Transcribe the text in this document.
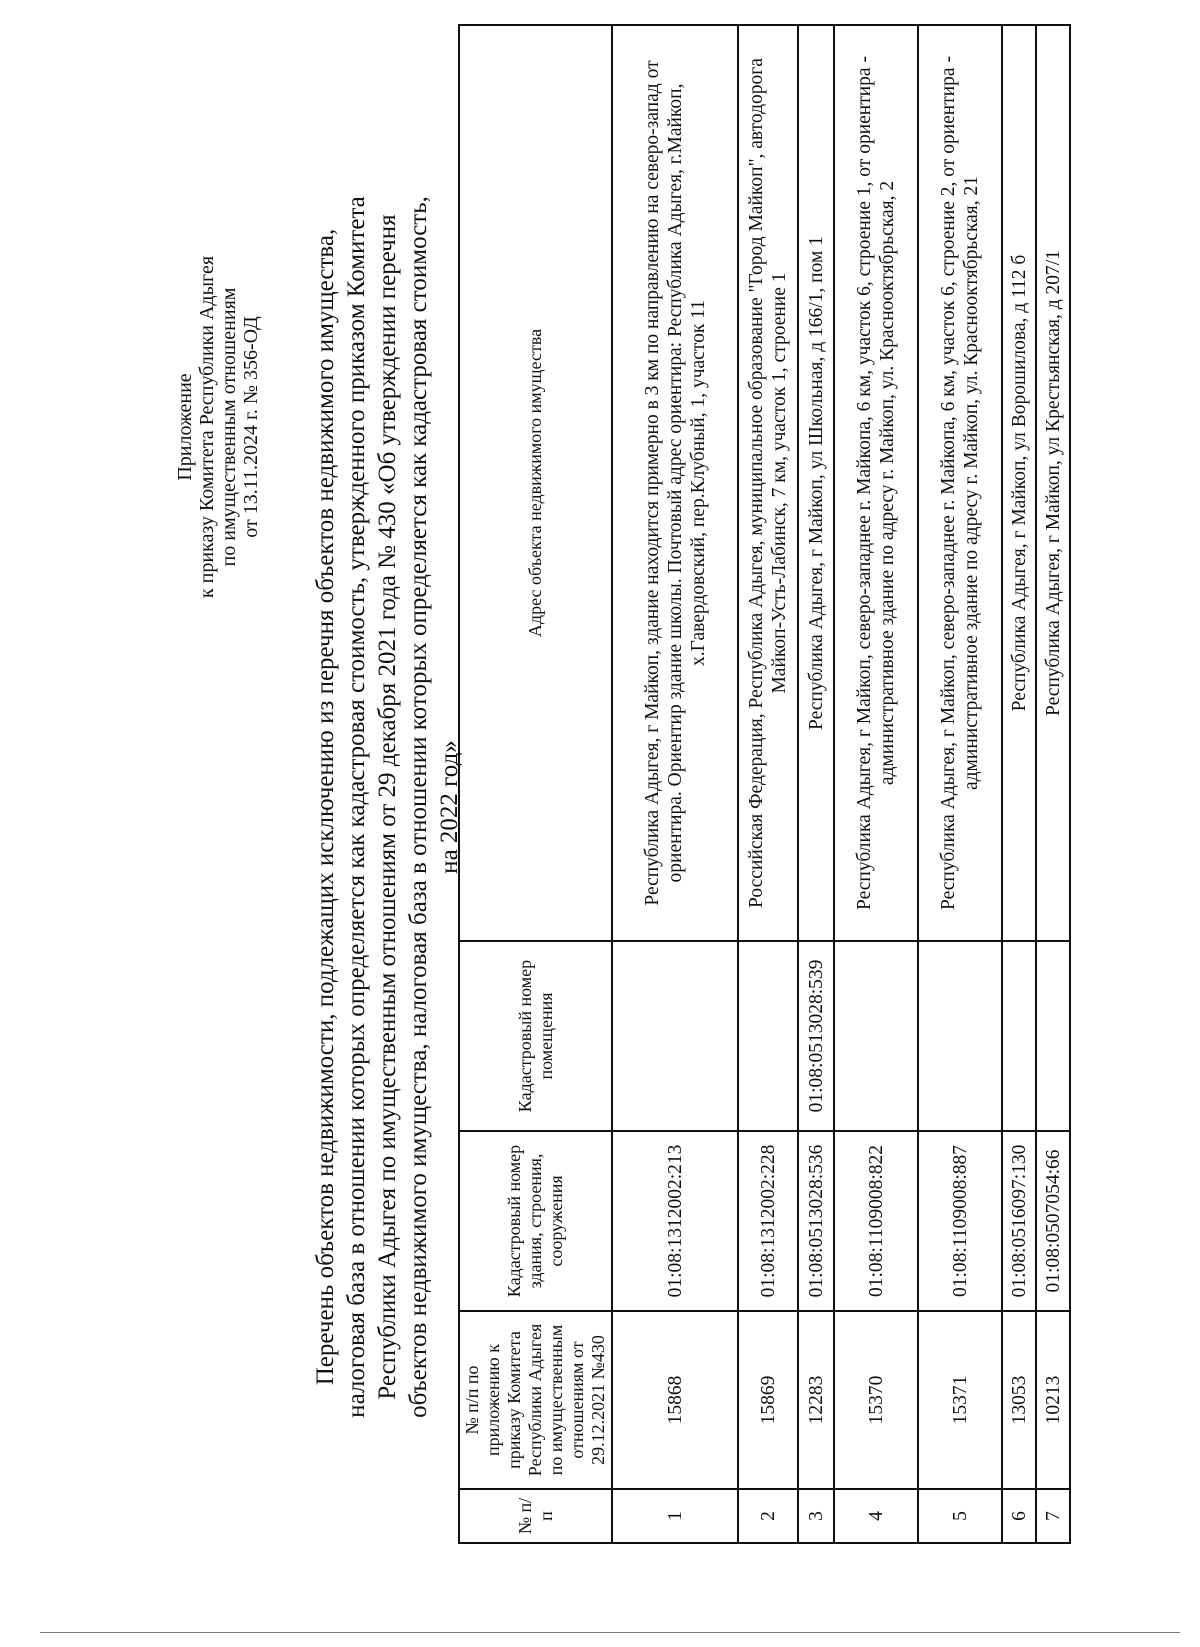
Приложение к приказу Комитета Республики Адыгея по имущественным отношениям от 13.11.2024 г. № 356-ОД Перечень объектов недвижимости, подлежащих исключению из перечня объектов недвижимого имущества, налоговая база в отношении которых определяется как кадастровая стоимость, утвержденного приказом Комитета Республики Адыгея по имущественным отношениям от 29 декабря 2021 года № 430 «Об утверждении перечня объектов недвижимого имущества, налоговая база в отношении которых определяется как кадастровая стоимость, на 2022 год»
№ п/п	№ п/п по приложению к приказу Комитета Республики Адыгея по имущественным отношениям от 29.12.2021 №430	Кадастровый номер здания, строения, сооружения	Кадастровый номер помещения	Адрес объекта недвижимого имущества
1	15868	01:08:1312002:213		Республика Адыгея, г Майкоп, здание находится примерно в 3 км по направлению на северо-запад от ориентира. Ориентир здание школы. Почтовый адрес ориентира: Республика Адыгея, г.Майкоп, х.Гавердовский, пер.Клубный, 1, участок 11
2	15869	01:08:1312002:228		Российская Федерация, Республика Адыгея, муниципальное образование "Город Майкоп", автодорога Майкоп-Усть-Лабинск, 7 км, участок 1, строение 1
3	12283	01:08:0513028:536	01:08:0513028:539	Республика Адыгея, г Майкоп, ул Школьная, д 166/1, пом 1
4	15370	01:08:1109008:822		Республика Адыгея, г Майкоп, северо-западнее г. Майкопа, 6 км, участок 6, строение 1, от ориентира - административное здание по адресу г. Майкоп, ул. Краснооктябрьская, 2
5	15371	01:08:1109008:887		Республика Адыгея, г Майкоп, северо-западнее г. Майкопа, 6 км, участок 6, строение 2, от ориентира - административное здание по адресу г. Майкоп, ул. Краснооктябрьская, 21
6	13053	01:08:0516097:130		Республика Адыгея, г Майкоп, ул Ворошилова, д 112 б
7	10213	01:08:0507054:66		Республика Адыгея, г Майкоп, ул Крестьянская, д 207/1
